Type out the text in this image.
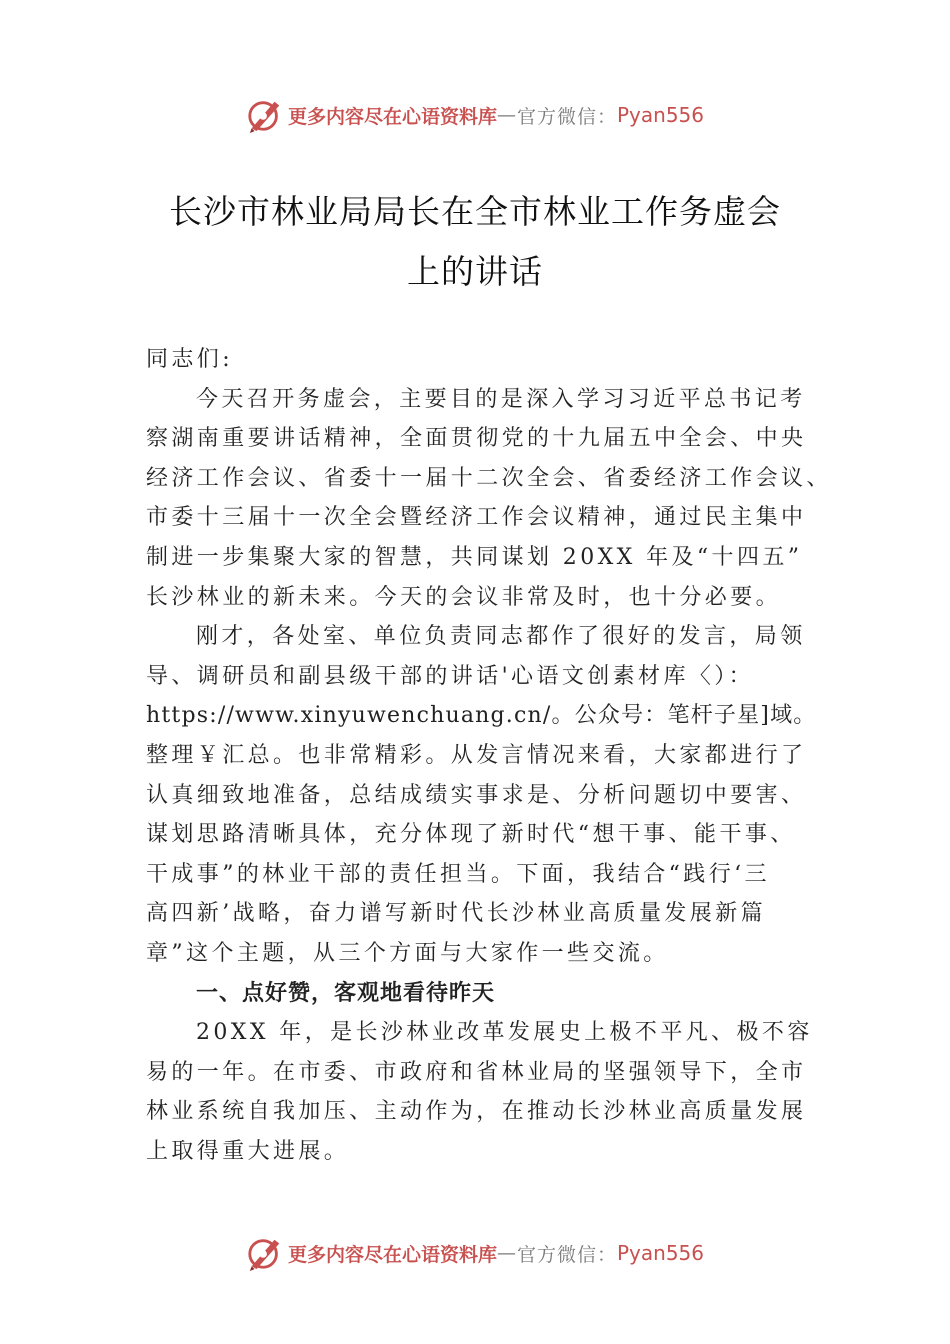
更多内容尽在心语资料库 — 官方微信： Pyan556
长沙市林业局局长在全市林业工作务虚会
上的讲话
同志们:
今天召开务虚会，主要目的是深入学习习近平总书记考
察湖南重要讲话精神，全面贯彻党的十九届五中全会、中央
经济工作会议、省委十一届十二次全会、省委经济工作会议、
市委十三届十一次全会暨经济工作会议精神，通过民主集中
制进一步集聚大家的智慧，共同谋划 20XX 年及“十四五”
长沙林业的新未来。今天的会议非常及时，也十分必要。
刚才，各处室、单位负责同志都作了很好的发言，局领
导、调研员和副县级干部的讲话'心语文创素材库〈）：
https://www.xinyuwenchuang.cn/。公众号：笔杆子星]域。
整理￥汇总。也非常精彩。从发言情况来看，大家都进行了
认真细致地准备，总结成绩实事求是、分析问题切中要害、
谋划思路清晰具体，充分体现了新时代“想干事、能干事、
干成事”的林业干部的责任担当。下面，我结合“践行‘三
高四新’战略，奋力谱写新时代长沙林业高质量发展新篇
章”这个主题，从三个方面与大家作一些交流。
一、点好赞，客观地看待昨天
20XX 年，是长沙林业改革发展史上极不平凡、极不容
易的一年。在市委、市政府和省林业局的坚强领导下，全市
林业系统自我加压、主动作为，在推动长沙林业高质量发展
上取得重大进展。
更多内容尽在心语资料库 — 官方微信： Pyan556
